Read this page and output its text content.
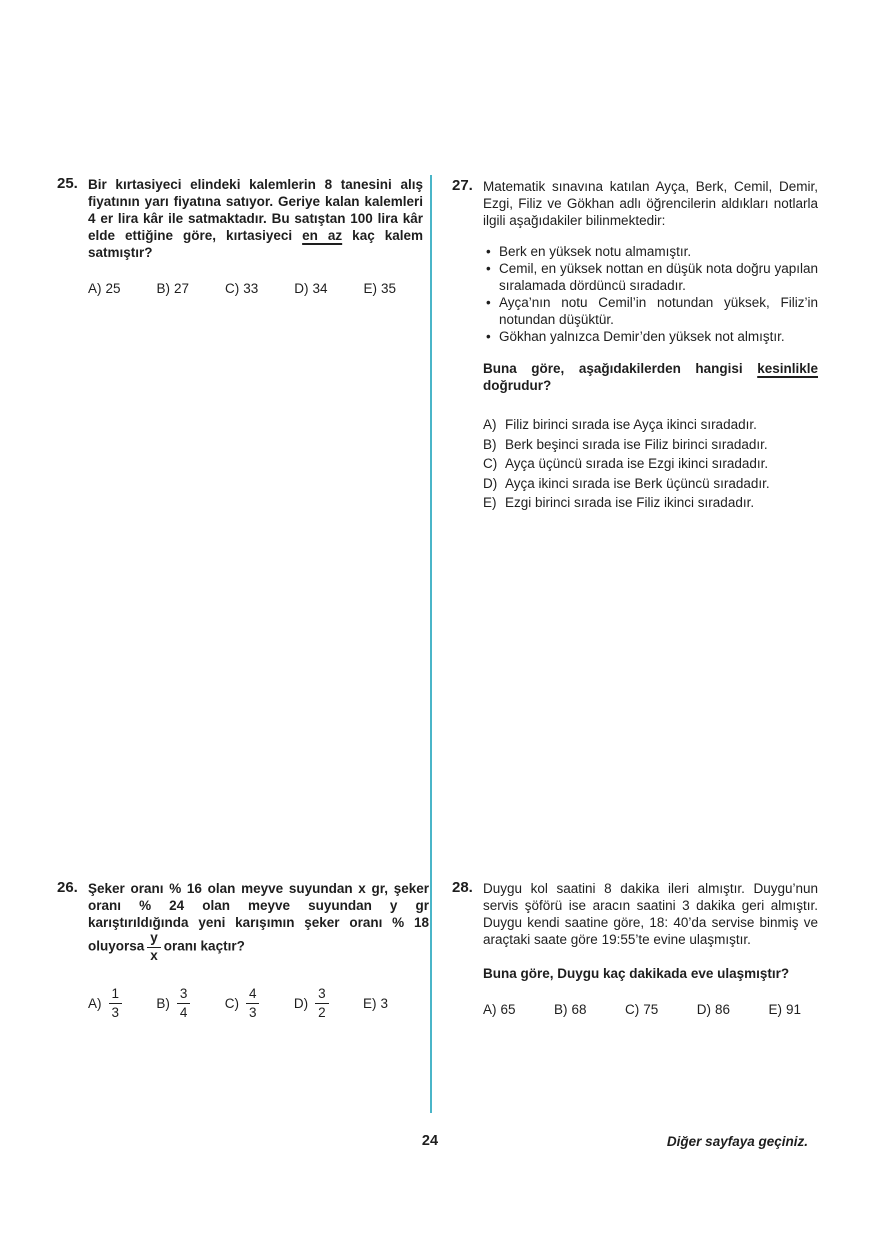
25. Bir kırtasiyeci elindeki kalemlerin 8 tanesini alış fiyatının yarı fiyatına satıyor. Geriye kalan kalemleri 4 er lira kâr ile satmaktadır. Bu satıştan 100 lira kâr elde ettiğine göre, kırtasiyeci en az kaç kalem satmıştır?

A) 25	B) 27	C) 33	D) 34	E) 35
26. Şeker oranı % 16 olan meyve suyundan x gr, şeker oranı % 24 olan meyve suyundan y gr karıştırıldığında yeni karışımın şeker oranı % 18 oluyorsa $\frac{y}{x}$ oranı kaçtır?

$A) \frac{1}{3}$	$B) \frac{3}{4}$	$C) \frac{4}{3}$	$D) \frac{3}{2}$	E) 3
27. Matematik sınavına katılan Ayça, Berk, Cemil, Demir, Ezgi, Filiz ve Gökhan adlı öğrencilerin aldıkları notlarla ilgili aşağıdakiler bilinmektedir:

• Berk en yüksek notu almamıştır.
• Cemil, en yüksek nottan en düşük nota doğru yapılan sıralamada dördüncü sıradadır.
• Ayça’nın notu Cemil’in notundan yüksek, Filiz’in notundan düşüktür.
• Gökhan yalnızca Demir’den yüksek not almıştır.

Buna göre, aşağıdakilerden hangisi kesinlikle doğrudur?

A) Filiz birinci sırada ise Ayça ikinci sıradadır.
B) Berk beşinci sırada ise Filiz birinci sıradadır.
C) Ayça üçüncü sırada ise Ezgi ikinci sıradadır.
D) Ayça ikinci sırada ise Berk üçüncü sıradadır.
E) Ezgi birinci sırada ise Filiz ikinci sıradadır.
28. Duygu kol saatini 8 dakika ileri almıştır. Duygu’nun servis şöförü ise aracın saatini 3 dakika geri almıştır. Duygu kendi saatine göre, 18: 40’da servise binmiş ve araçtaki saate göre 19:55’te evine ulaşmıştır.

Buna göre, Duygu kaç dakikada eve ulaşmıştır?

A) 65	B) 68	C) 75	D) 86	E) 91
24	Diğer sayfaya geçiniz.
